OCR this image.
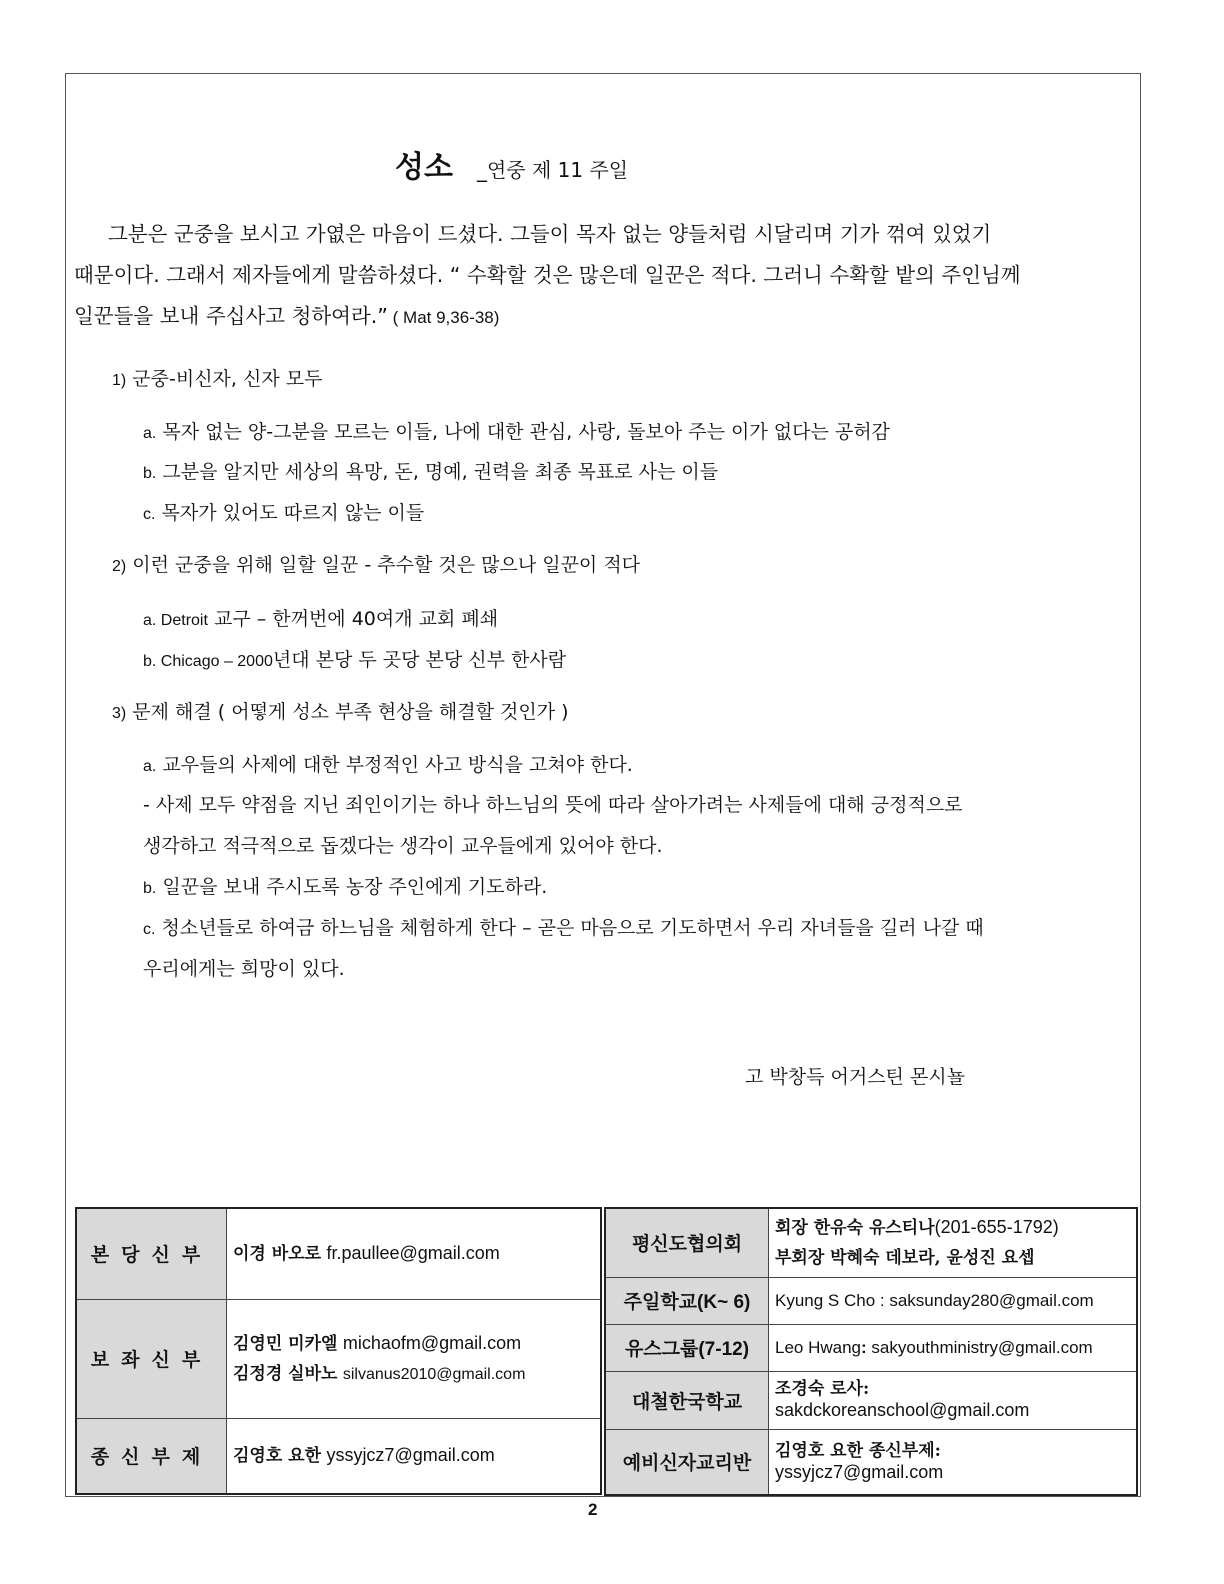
성소 _연중 제 11 주일
그분은 군중을 보시고 가엾은 마음이 드셨다. 그들이 목자 없는 양들처럼 시달리며 기가 꺾여 있었기
때문이다. 그래서 제자들에게 말씀하셨다. “ 수확할 것은 많은데 일꾼은 적다. 그러니 수확할 밭의 주인님께
일꾼들을 보내 주십사고 청하여라.” ( Mat 9,36-38)
1) 군중-비신자, 신자 모두
a. 목자 없는 양-그분을 모르는 이들, 나에 대한 관심, 사랑, 돌보아 주는 이가 없다는 공허감
b. 그분을 알지만 세상의 욕망, 돈, 명예, 권력을 최종 목표로 사는 이들
c. 목자가 있어도 따르지 않는 이들
2) 이런 군중을 위해 일할 일꾼 - 추수할 것은 많으나 일꾼이 적다
a. Detroit 교구 – 한꺼번에 40여개 교회 폐쇄
b. Chicago – 2000년대 본당 두 곳당 본당 신부 한사람
3) 문제 해결 ( 어떻게 성소 부족 현상을 해결할 것인가 )
a. 교우들의 사제에 대한 부정적인 사고 방식을 고쳐야 한다.
- 사제 모두 약점을 지닌 죄인이기는 하나 하느님의 뜻에 따라 살아가려는 사제들에 대해 긍정적으로
생각하고 적극적으로 돕겠다는 생각이 교우들에게 있어야 한다.
b. 일꾼을 보내 주시도록 농장 주인에게 기도하라.
c. 청소년들로 하여금 하느님을 체험하게 한다 – 곧은 마음으로 기도하면서 우리 자녀들을 길러 나갈 때
우리에게는 희망이 있다.
고 박창득 어거스틴 몬시뇰
본당신부	이경 바오로 fr.paullee@gmail.com
보좌신부	김영민 미카엘 michaofm@gmail.com
김정경 실바노 silvanus2010@gmail.com

종신부제	김영호 요한 yssyjcz7@gmail.com
평신도협의회	회장 한유숙 유스티나(201-655-1792)
부회장 박혜숙 데보라, 윤성진 요셉

주일학교(K~ 6)	Kyung S Cho : saksunday280@gmail.com
유스그룹(7-12)	Leo Hwang: sakyouthministry@gmail.com
대철한국학교	조경숙 로사:
sakdckoreanschool@gmail.com

예비신자교리반	김영호 요한 종신부제:
yssyjcz7@gmail.com
2
